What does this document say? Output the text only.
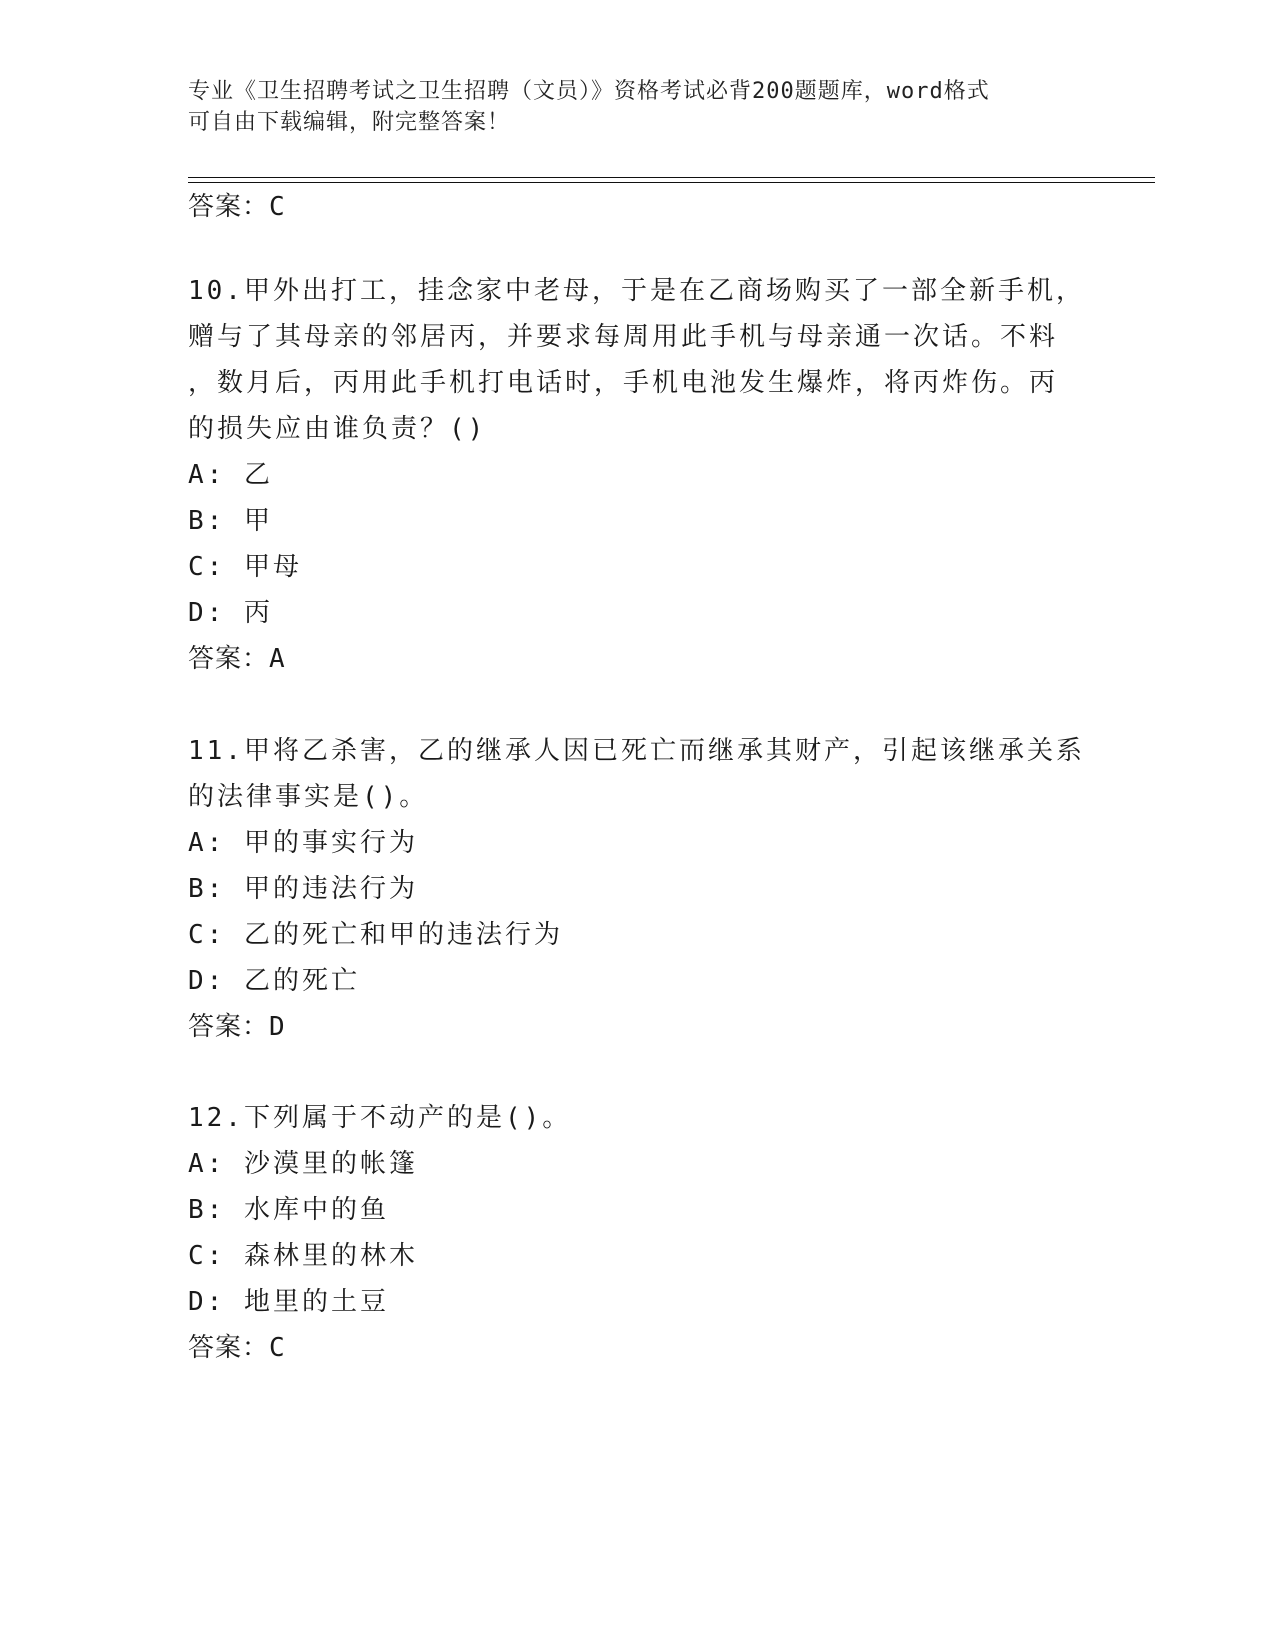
专业《卫生招聘考试之卫生招聘（文员）》资格考试必背200题题库，word格式
可自由下载编辑，附完整答案！
答案：C
10.甲外出打工，挂念家中老母，于是在乙商场购买了一部全新手机，
赠与了其母亲的邻居丙，并要求每周用此手机与母亲通一次话。不料
，数月后，丙用此手机打电话时，手机电池发生爆炸，将丙炸伤。丙
的损失应由谁负责？()
A: 乙
B: 甲
C: 甲母
D: 丙
答案：A
11.甲将乙杀害，乙的继承人因已死亡而继承其财产，引起该继承关系
的法律事实是()。
A: 甲的事实行为
B: 甲的违法行为
C: 乙的死亡和甲的违法行为
D: 乙的死亡
答案：D
12.下列属于不动产的是()。
A: 沙漠里的帐篷
B: 水库中的鱼
C: 森林里的林木
D: 地里的土豆
答案：C
